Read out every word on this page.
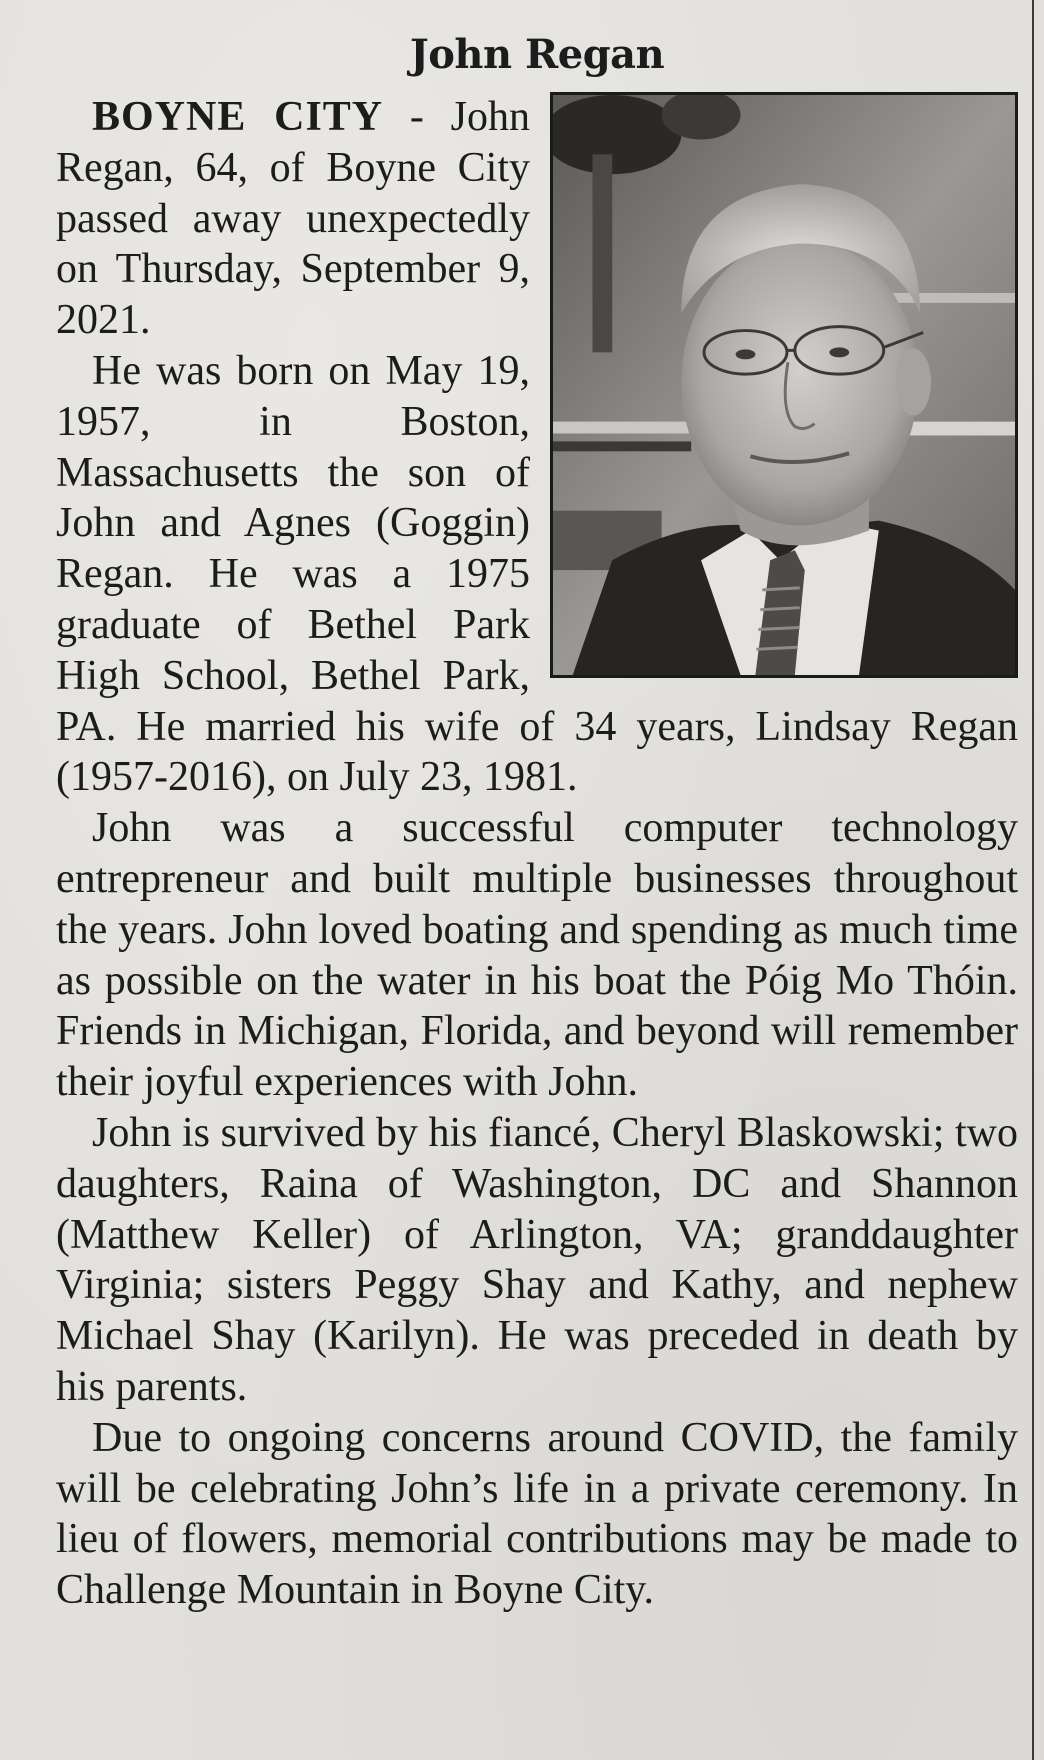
John Regan

BOYNE CITY - John Regan, 64, of Boyne City passed away unexpectedly on Thursday, September 9, 2021.

He was born on May 19, 1957, in Boston, Massachusetts the son of John and Agnes (Goggin) Regan. He was a 1975 graduate of Bethel Park High School, Bethel Park, PA. He married his wife of 34 years, Lindsay Regan (1957-2016), on July 23, 1981.

John was a successful computer technology entrepreneur and built multiple businesses throughout the years. John loved boating and spending as much time as possible on the water in his boat the Póig Mo Thóin. Friends in Michigan, Florida, and beyond will remember their joyful experiences with John.

John is survived by his fiancé, Cheryl Blaskowski; two daughters, Raina of Washington, DC and Shannon (Matthew Keller) of Arlington, VA; granddaughter Virginia; sisters Peggy Shay and Kathy, and nephew Michael Shay (Karilyn). He was preceded in death by his parents.

Due to ongoing concerns around COVID, the family will be celebrating John’s life in a private ceremony. In lieu of flowers, memorial contributions may be made to Challenge Mountain in Boyne City.
